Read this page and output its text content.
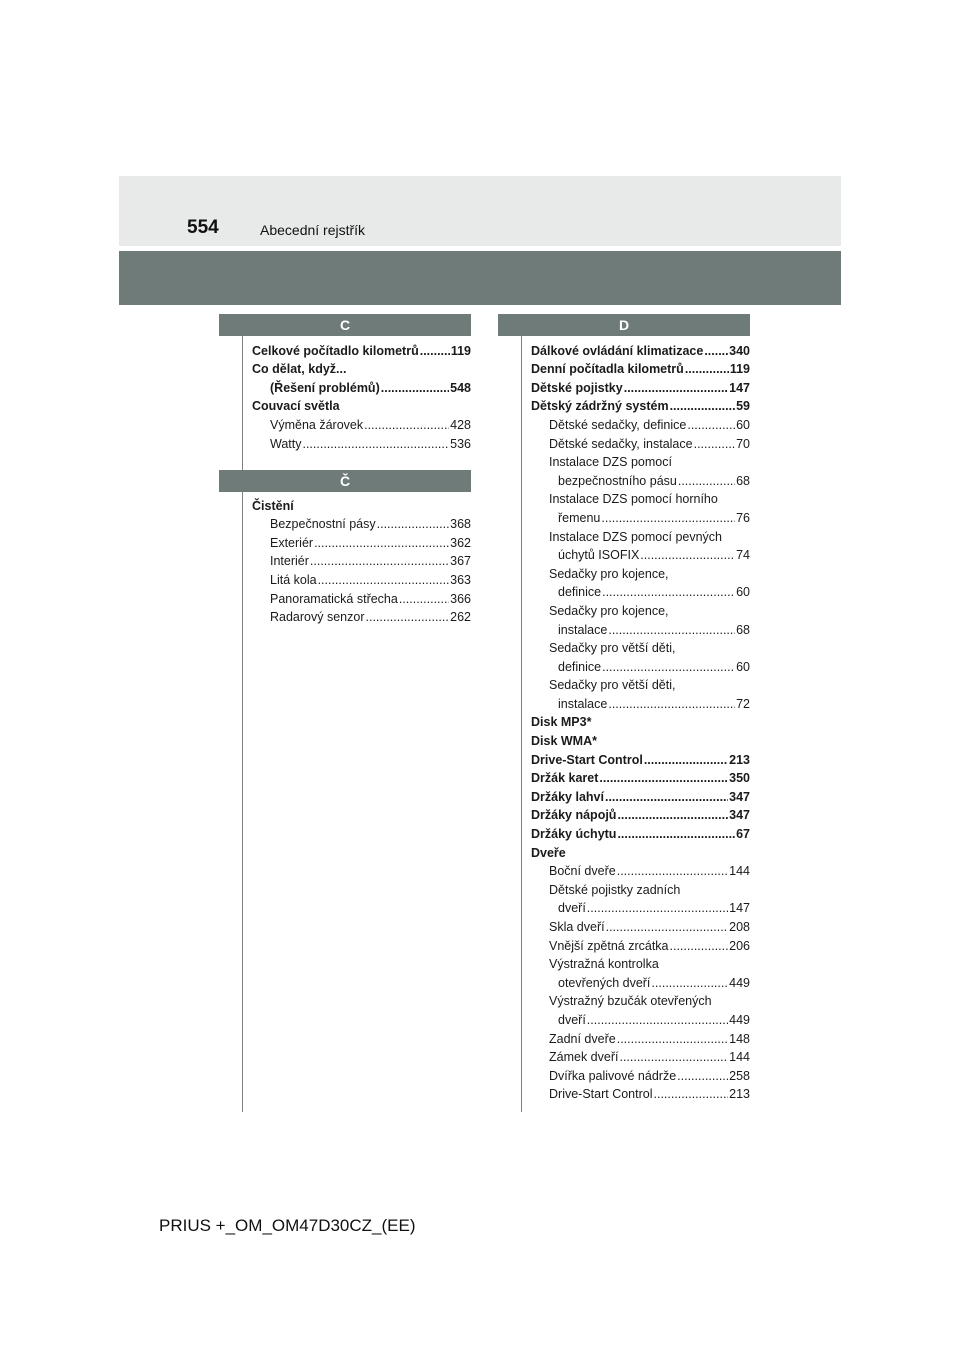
554	Abecední rejstřík
C
Celkové počítadlo kilometrů .....	119
Co dělat, když...
(Řešení problémů) .....	548
Couvací světla
Výměna žárovek .....	428
Watty .....	536
Č
Čistění
Bezpečnostní pásy .....	368
Exteriér .....	362
Interiér .....	367
Litá kola .....	363
Panoramatická střecha .....	366
Radarový senzor .....	262
D
Dálkové ovládání klimatizace ..... 340
Denní počítadla kilometrů .....	119
Dětské pojistky .....	147
Dětský zádržný systém .....	59
Dětské sedačky, definice .....	60
Dětské sedačky, instalace .....	70
Instalace DZS pomocí
bezpečnostního pásu .....	68
Instalace DZS pomocí horního
řemenu .....	76
Instalace DZS pomocí pevných
úchytů ISOFIX .....	74
Sedačky pro kojence,
definice .....	60
Sedačky pro kojence,
instalace .....	68
Sedačky pro větší děti,
definice .....	60
Sedačky pro větší děti,
instalace .....	72
Disk MP3*
Disk WMA*
Drive-Start Control .....	213
Držák karet .....	350
Držáky lahví .....	347
Držáky nápojů .....	347
Držáky úchytu .....	67
Dveře
Boční dveře .....	144
Dětské pojistky zadních
dveří .....	147
Skla dveří .....	208
Vnější zpětná zrcátka .....	206
Výstražná kontrolka
otevřených dveří .....	449
Výstražný bzučák otevřených
dveří .....	449
Zadní dveře .....	148
Zámek dveří .....	144
Dvířka palivové nádrže .....	258
Drive-Start Control .....	213
PRIUS +_OM_OM47D30CZ_(EE)
